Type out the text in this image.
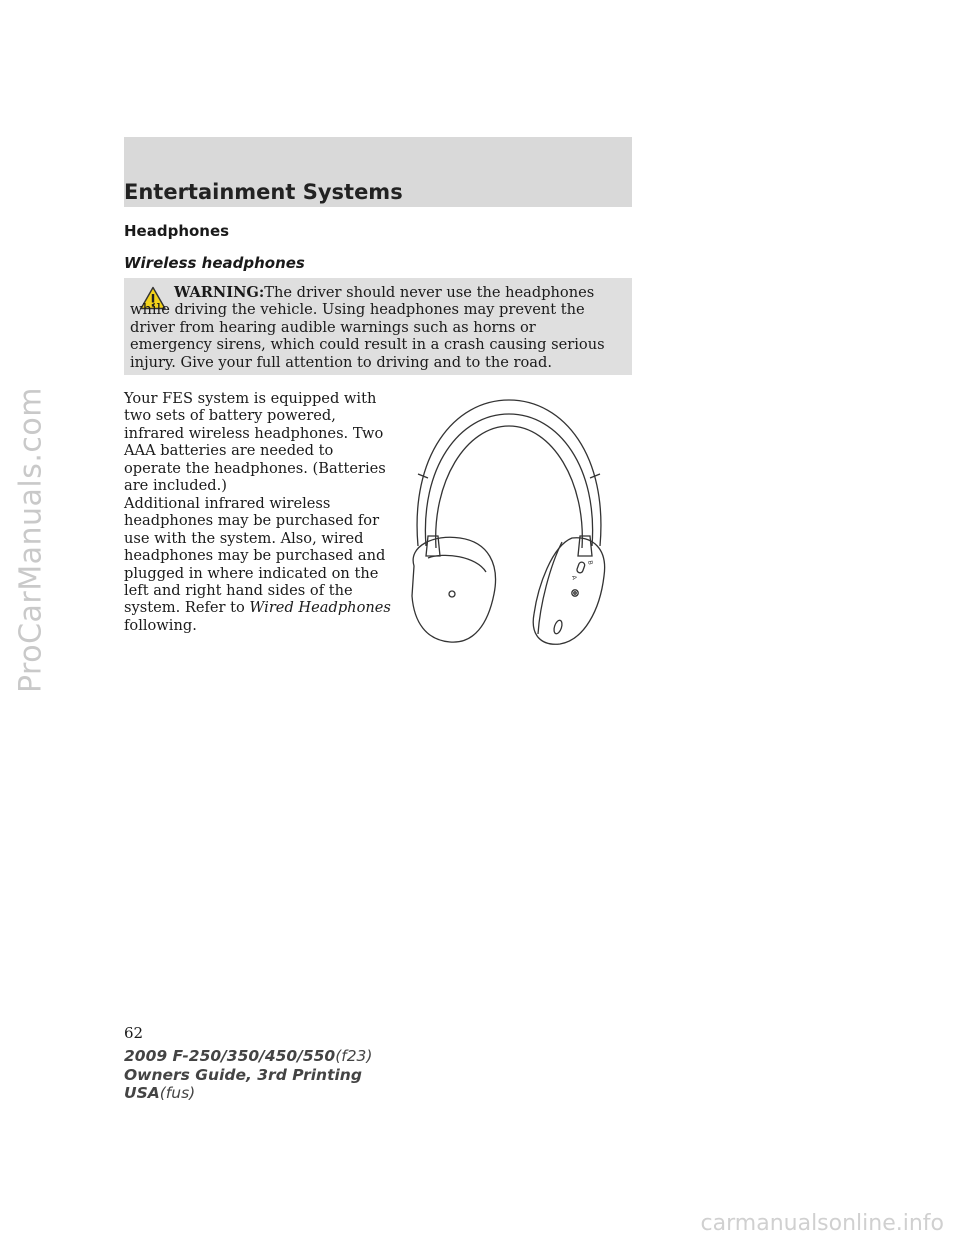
ProCarManuals.com
Entertainment Systems
Headphones
Wireless headphones

WARNING:The driver should never use the headphones while driving the vehicle. Using headphones may prevent the driver from hearing audible warnings such as horns or emergency sirens, which could result in a crash causing serious injury. Give your full attention to driving and to the road.

Your FES system is equipped with two sets of battery powered, infrared wireless headphones. Two AAA batteries are needed to operate the headphones. (Batteries are included.)

Additional infrared wireless headphones may be purchased for use with the system. Also, wired headphones may be purchased and plugged in where indicated on the left and right hand sides of the system. Refer to Wired Headphones following.

B
A

62

2009 F-250/350/450/550(f23)
Owners Guide, 3rd Printing
USA(fus)
carmanualsonline.info
